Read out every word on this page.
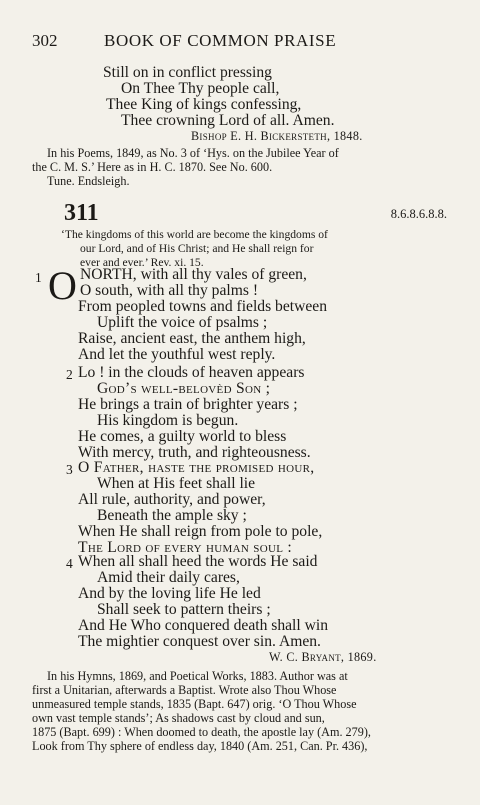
302	BOOK OF COMMON PRAISE
Still on in conflict pressing
On Thee Thy people call,
Thee King of kings confessing,
Thee crowning Lord of all. Amen.
Bishop E. H. Bickersteth, 1848.
In his Poems, 1849, as No. 3 of ‘Hys. on the Jubilee Year of
the C. M. S.’ Here as in H. C. 1870. See No. 600.
Tune. Endsleigh.
311	8.6.8.6.8.8.
‘The kingdoms of this world are become the kingdoms of
our Lord, and of His Christ; and He shall reign for
ever and ever.’ Rev. xi. 15.
1 O NORTH, with all thy vales of green,
O south, with all thy palms !
From peopled towns and fields between
Uplift the voice of psalms ;
Raise, ancient east, the anthem high,
And let the youthful west reply.
2 Lo ! in the clouds of heaven appears
God’s well-belovèd Son ;
He brings a train of brighter years ;
His kingdom is begun.
He comes, a guilty world to bless
With mercy, truth, and righteousness.
3 O Father, haste the promised hour,
When at His feet shall lie
All rule, authority, and power,
Beneath the ample sky ;
When He shall reign from pole to pole,
The Lord of every human soul :
4 When all shall heed the words He said
Amid their daily cares,
And by the loving life He led
Shall seek to pattern theirs ;
And He Who conquered death shall win
The mightier conquest over sin. Amen.
W. C. Bryant, 1869.
In his Hymns, 1869, and Poetical Works, 1883. Author was at
first a Unitarian, afterwards a Baptist. Wrote also Thou Whose
unmeasured temple stands, 1835 (Bapt. 647) orig. ‘O Thou Whose
own vast temple stands’; As shadows cast by cloud and sun,
1875 (Bapt. 699) : When doomed to death, the apostle lay (Am. 279),
Look from Thy sphere of endless day, 1840 (Am. 251, Can. Pr. 436),
